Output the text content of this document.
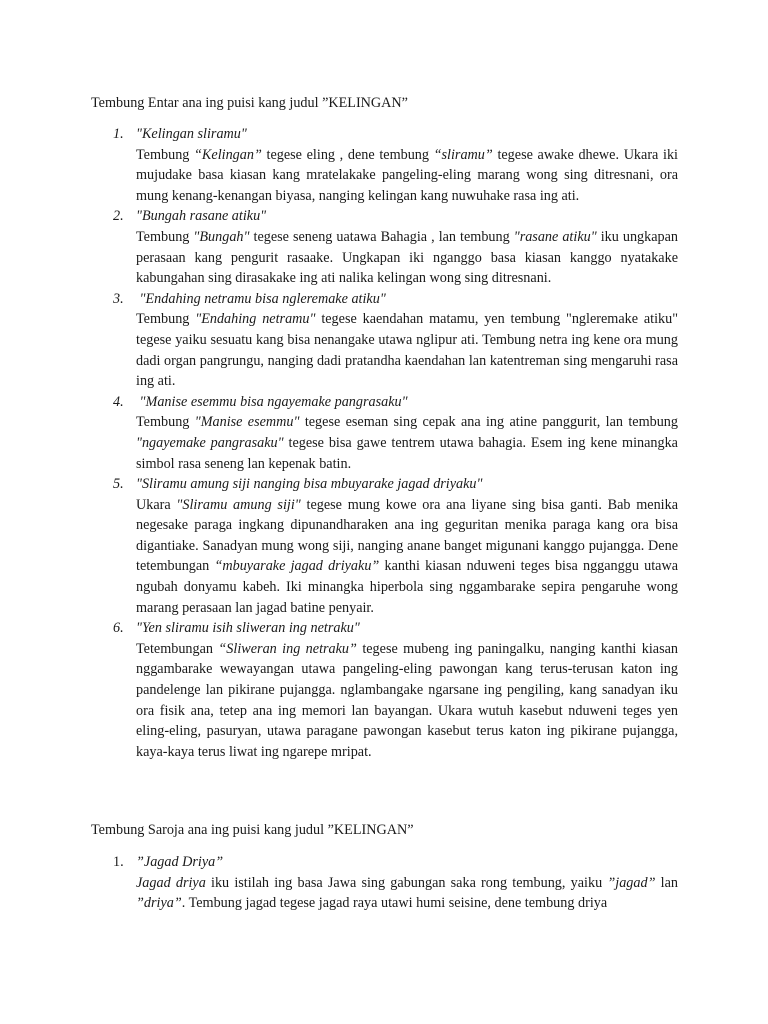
Tembung Entar ana ing puisi kang judul ”KELINGAN”
1. "Kelingan sliramu"
Tembung “Kelingan” tegese eling , dene tembung “sliramu” tegese awake dhewe. Ukara iki mujudake basa kiasan kang mratelakake pangeling-eling marang wong sing ditresnani, ora mung kenang-kenangan biyasa, nanging kelingan kang nuwuhake rasa ing ati.
2. "Bungah rasane atiku"
Tembung "Bungah" tegese seneng uatawa Bahagia , lan tembung "rasane atiku" iku ungkapan perasaan kang pengurit rasaake. Ungkapan iki nganggo basa kiasan kanggo nyatakake kabungahan sing dirasakake ing ati nalika kelingan wong sing ditresnani.
3. "Endahing netramu bisa ngleremake atiku"
Tembung "Endahing netramu" tegese kaendahan matamu, yen tembung "ngleremake atiku" tegese yaiku sesuatu kang bisa nenangake utawa nglipur ati. Tembung netra ing kene ora mung dadi organ pangrungu, nanging dadi pratandha kaendahan lan katentreman sing mengaruhi rasa ing ati.
4. "Manise esemmu bisa ngayemake pangrasaku"
Tembung "Manise esemmu" tegese eseman sing cepak ana ing atine panggurit, lan tembung "ngayemake pangrasaku" tegese bisa gawe tentrem utawa bahagia. Esem ing kene minangka simbol rasa seneng lan kepenak batin.
5. "Sliramu amung siji nanging bisa mbuyarake jagad driyaku"
Ukara "Sliramu amung siji" tegese mung kowe ora ana liyane sing bisa ganti. Bab menika negesake paraga ingkang dipunandharaken ana ing geguritan menika paraga kang ora bisa digantiake. Sanadyan mung wong siji, nanging anane banget migunani kanggo pujangga. Dene tetembungan “mbuyarake jagad driyaku” kanthi kiasan nduweni teges bisa ngganggu utawa ngubah donyamu kabeh. Iki minangka hiperbola sing nggambarake sepira pengaruhe wong marang perasaan lan jagad batine penyair.
6. "Yen sliramu isih sliweran ing netraku"
Tetembungan “Sliweran ing netraku” tegese mubeng ing paningalku, nanging kanthi kiasan nggambarake wewayangan utawa pangeling-eling pawongan kang terus-terusan katon ing pandelenge lan pikirane pujangga. nglambangake ngarsane ing pengiling, kang sanadyan iku ora fisik ana, tetep ana ing memori lan bayangan. Ukara wutuh kasebut nduweni teges yen eling-eling, pasuryan, utawa paragane pawongan kasebut terus katon ing pikirane pujangga, kaya-kaya terus liwat ing ngarepe mripat.
Tembung Saroja ana ing puisi kang judul ”KELINGAN”
1. ”Jagad Driya”
Jagad driya iku istilah ing basa Jawa sing gabungan saka rong tembung, yaiku ”jagad” lan ”driya”. Tembung jagad tegese jagad raya utawi humi seisine, dene tembung driya
